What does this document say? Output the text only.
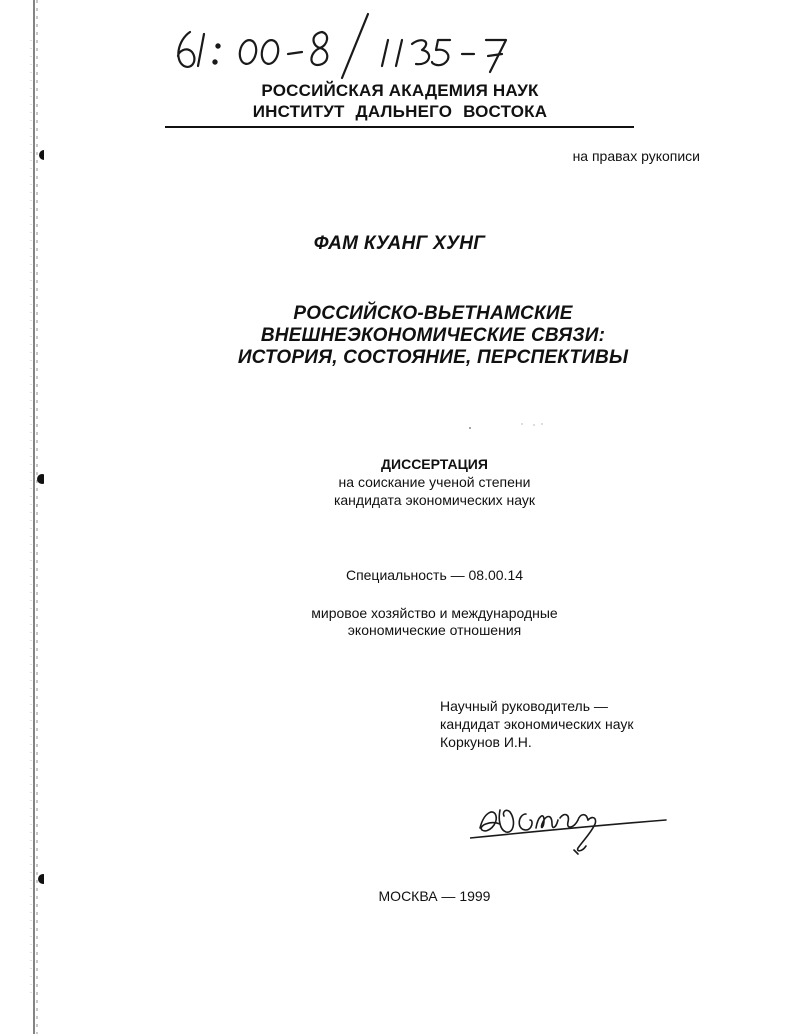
РОССИЙСКАЯ АКАДЕМИЯ НАУК
ИНСТИТУТ ДАЛЬНЕГО ВОСТОКА
на правах рукописи
ФАМ КУАНГ ХУНГ
РОССИЙСКО-ВЬЕТНАМСКИЕ
ВНЕШНЕЭКОНОМИЧЕСКИЕ СВЯЗИ:
ИСТОРИЯ, СОСТОЯНИЕ, ПЕРСПЕКТИВЫ
ДИССЕРТАЦИЯ
на соискание ученой степени
кандидата экономических наук
Специальность — 08.00.14
мировое хозяйство и международные
экономические отношения
Научный руководитель —
кандидат экономических наук
Коркунов И.Н.
МОСКВА — 1999
